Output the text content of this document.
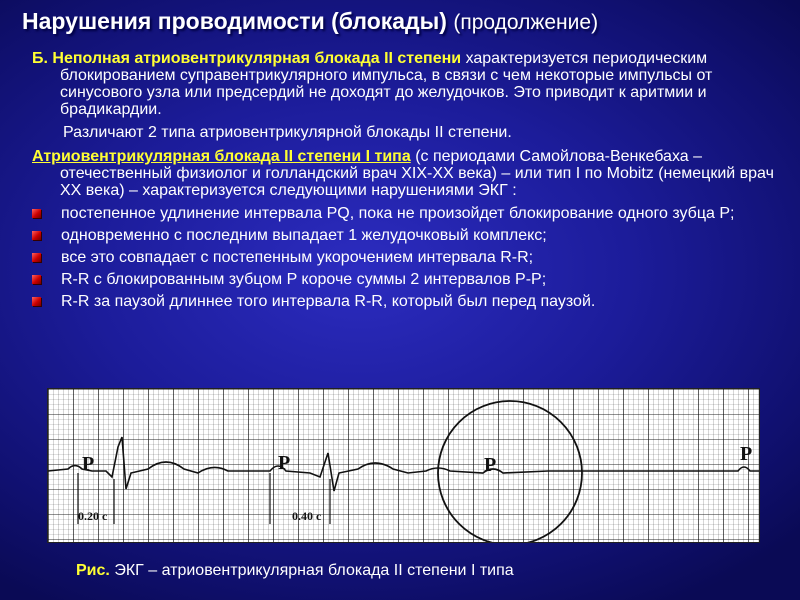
Нарушения проводимости (блокады) (продолжение)

Б. Неполная атриовентрикулярная блокада II степени характеризуется периодическим блокированием суправентрикулярного импульса, в связи с чем некоторые импульсы от синусового узла или предсердий не доходят до желудочков. Это приводит к аритмии и брадикардии.

Различают 2 типа атриовентрикулярной блокады II степени.

Атриовентрикулярная блокада II степени I типа (с периодами Самойлова-Венкебаха – отечественный физиолог и голландский врач XIX-XX века) – или тип I по Mobitz (немецкий врач XX века) – характеризуется следующими нарушениями ЭКГ :

постепенное удлинение интервала PQ, пока не произойдет блокирование одного зубца P;
одновременно с последним выпадает 1 желудочковый комплекс;
все это совпадает с постепенным укорочением интервала R-R;
R-R с блокированным зубцом P короче суммы 2 интервалов P-P;
R-R за паузой длиннее того интервала R-R, который был перед паузой.
P	P	P	P
0.20 с	0.40 с
Рис. ЭКГ – атриовентрикулярная блокада II степени I типа
